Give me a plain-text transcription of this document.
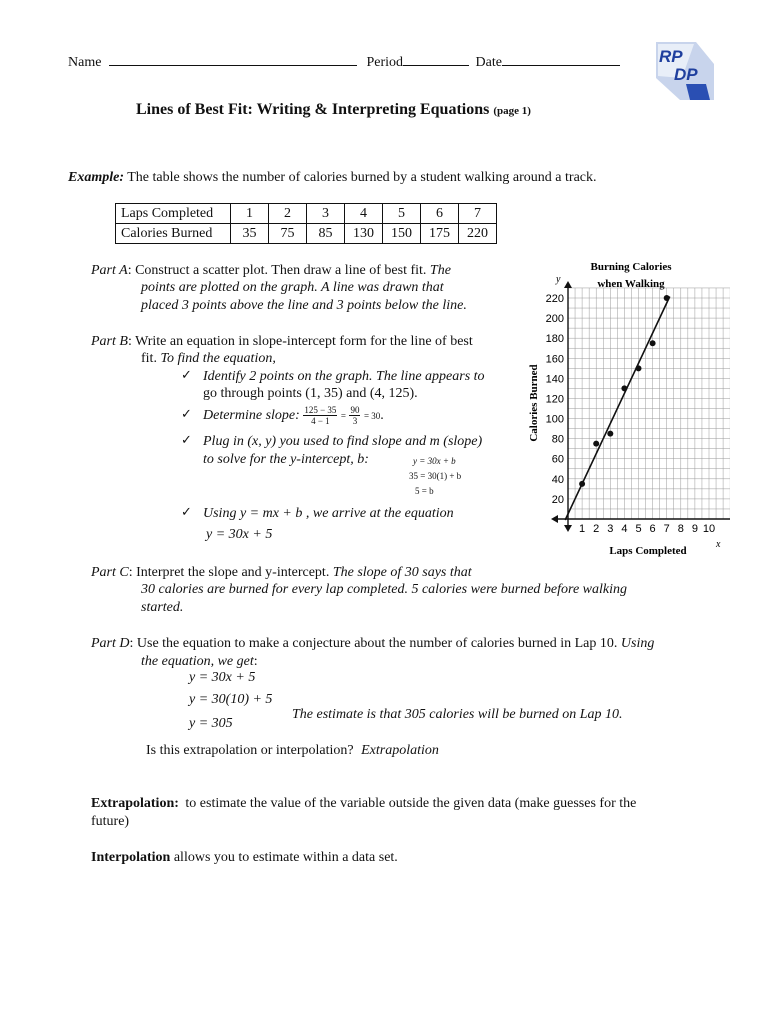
Name	Period	Date	RP
DP
Lines of Best Fit: Writing & Interpreting Equations (page 1)
Example: The table shows the number of calories burned by a student walking around a track.
Laps Completed	1	2	3	4	5	6	7
Calories Burned	35	75	85	130	150	175	220
Part A: Construct a scatter plot. Then draw a line of best fit. The
points are plotted on the graph. A line was drawn that
placed 3 points above the line and 3 points below the line.
Part B: Write an equation in slope-intercept form for the line of best
fit. To find the equation,
✓ Identify 2 points on the graph. The line appears to
go through points (1, 35) and (4, 125).
✓ Determine slope: $\frac{125 - 35}{4 - 1} = \frac{90}{3} = 30$.
✓ Plug in (x, y) you used to find slope and m (slope)
to solve for the y-intercept, b:	y = 30x + b
35 = 30(1) + b
5 = b
✓ Using y = mx + b , we arrive at the equation
y = 30x + 5
Burning Calories
when Walking
y
x
Calories Burned
Laps Completed
1 2 3 4 5 6 7 8 9 10
20
40
60
80
100
120
140
160
180
200
220
Part C: Interpret the slope and y-intercept. The slope of 30 says that
30 calories are burned for every lap completed. 5 calories were burned before walking
started.
Part D: Use the equation to make a conjecture about the number of calories burned in Lap 10. Using
the equation, we get:
y = 30x + 5
y = 30(10) + 5
y = 305
The estimate is that 305 calories will be burned on Lap 10.
Is this extrapolation or interpolation? Extrapolation
Extrapolation: to estimate the value of the variable outside the given data (make guesses for the
future)
Interpolation allows you to estimate within a data set.
